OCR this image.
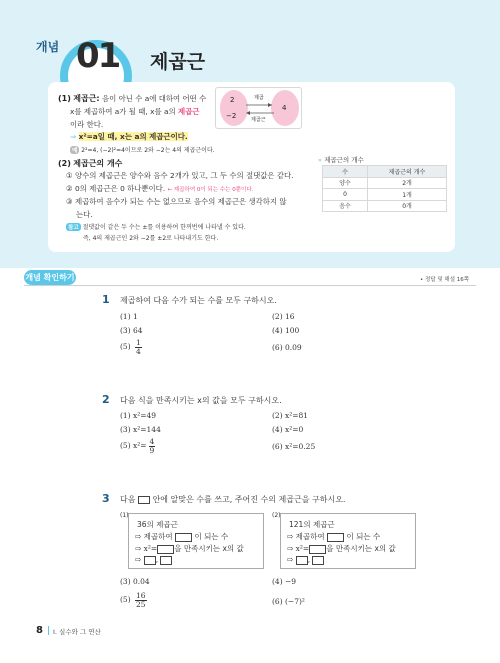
개념 01 제곱근
(1) 제곱근: 음이 아닌 수 a에 대하여 어떤 수
x를 제곱하여 a가 될 때, x를 a의 제곱근
이라 한다.
⇒ x²=a일 때, x는 a의 제곱근이다.
예 2²=4, (−2)²=4이므로 2와 −2는 4의 제곱근이다.
2
−2
4
제곱
제곱근
(2) 제곱근의 개수
① 양수의 제곱근은 양수와 음수 2개가 있고, 그 두 수의 절댓값은 같다.
② 0의 제곱근은 0 하나뿐이다. ← 제곱하여 0이 되는 수는 0뿐이다.
③ 제곱하여 음수가 되는 수는 없으므로 음수의 제곱근은 생각하지 않
는다.
참고 절댓값이 같은 두 수는 ±를 이용하여 한꺼번에 나타낼 수 있다.
즉, 4의 제곱근인 2와 −2를 ±2로 나타내기도 한다.
» 제곱근의 개수
수	제곱근의 개수
양수	2개
0	1개
음수	0개
개념 확인하기	• 정답 및 해설 16쪽
1 제곱하여 다음 수가 되는 수를 모두 구하시오.
(1) 1	(2) 16
(3) 64	(4) 100
$(5) \frac{1}{4}$	(6) 0.09
2 다음 식을 만족시키는 x의 값을 모두 구하시오.
(1) x²=49	(2) x²=81
(3) x²=144	(4) x²=0
(5) $x^2= \frac{4}{9}$	(6) x²=0.25
3 다음 안에 알맞은 수를 쓰고, 주어진 수의 제곱근을 구하시오.
(1)
36의 제곱근
⇨ 제곱하여	이 되는 수
⇨ x²= 을 만족시키는 x의 값
⇨ ,
(2)
121의 제곱근
⇨ 제곱하여	이 되는 수
⇨ x²= 을 만족시키는 x의 값
⇨ ,
(3) 0.04	(4) −9
$(5) \frac{16}{25}$	(6) (−7)²
8 Ⅰ. 실수와 그 연산
